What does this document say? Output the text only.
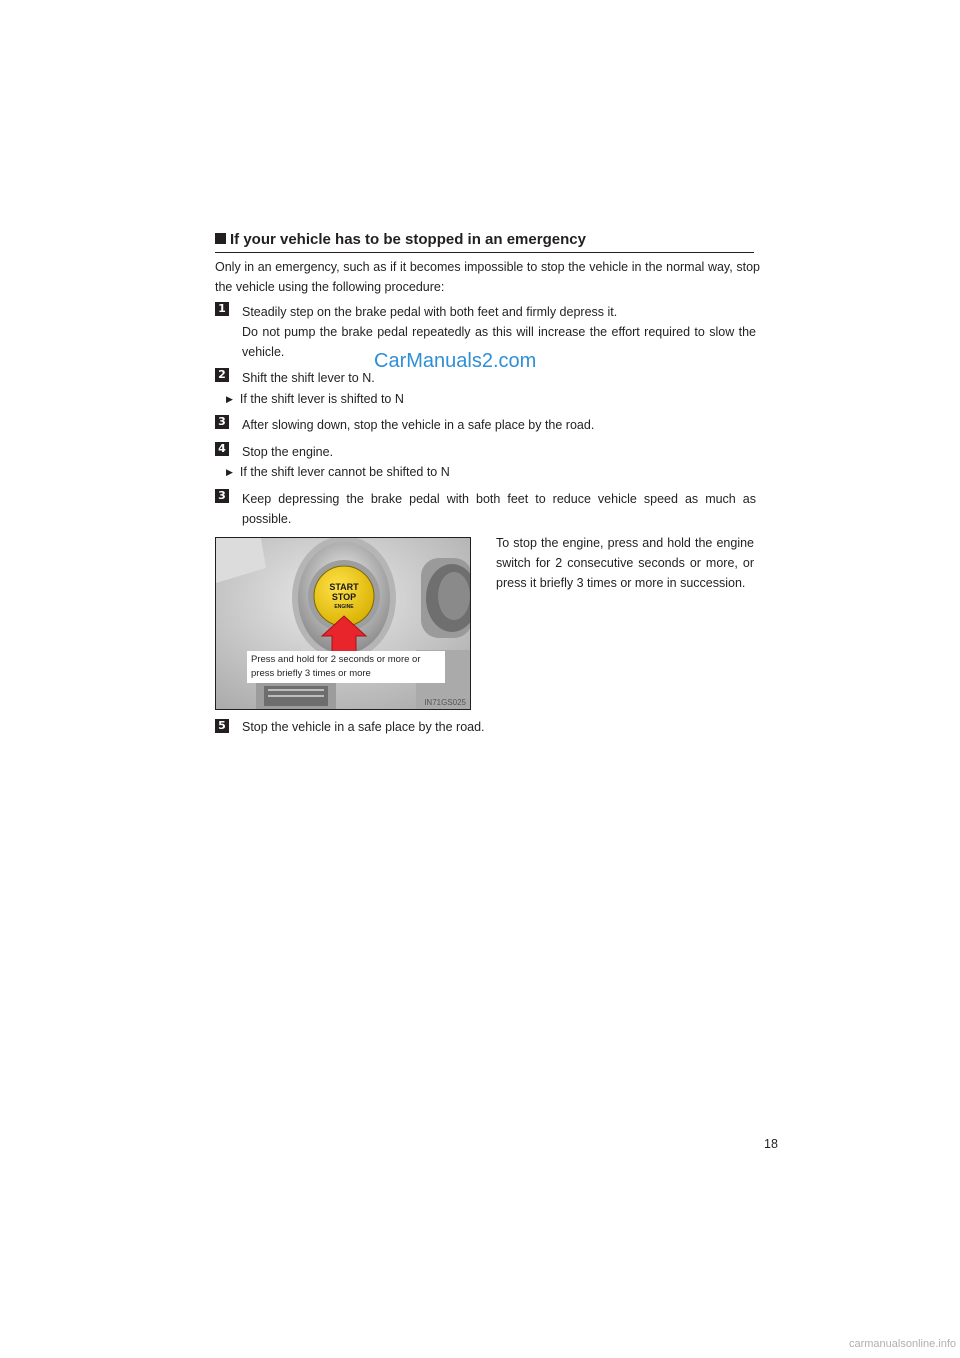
If your vehicle has to be stopped in an emergency
Only in an emergency, such as if it becomes impossible to stop the vehicle in the normal way, stop the vehicle using the following procedure:
1 Steadily step on the brake pedal with both feet and firmly depress it.
Do not pump the brake pedal repeatedly as this will increase the effort required to slow the vehicle.	CarManuals2.com
2 Shift the shift lever to N.
▶ If the shift lever is shifted to N
3 After slowing down, stop the vehicle in a safe place by the road.
4 Stop the engine.
▶ If the shift lever cannot be shifted to N
3 Keep depressing the brake pedal with both feet to reduce vehicle speed as much as possible.
START
STOP
ENGINE
Press and hold for 2 seconds or more or press briefly 3 times or more
IN71GS025
To stop the engine, press and hold the engine switch for 2 consecutive seconds or more, or press it briefly 3 times or more in succession.
5 Stop the vehicle in a safe place by the road.
18
carmanualsonline.info
